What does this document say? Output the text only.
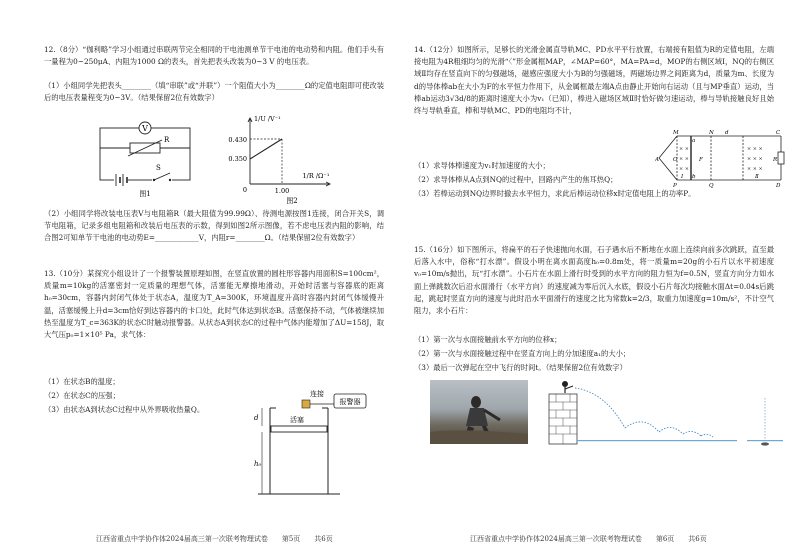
12.（8分）“伽利略”学习小组通过串联两节完全相同的干电池测单节干电池的电动势和内阻。他们手头有一量程为0~250μA、内阻为1000 Ω的表头，首先把表头改装为0~3 V 的电压表。
（1）小组同学先把表头________（填“串联”或“并联”）一个阻值大小为________Ω的定值电阻即可使改装后的电压表量程变为0~3V。（结果保留2位有效数字）
V
R
S
图1
1/U /V⁻¹
1/R /Ω⁻¹
0.430
0.350
1.00
0
图2
（2）小组同学将改装电压表V与电阻箱R（最大阻值为99.99Ω）、待测电源按图1连接，闭合开关S，调节电阻箱，记录多组电阻箱和改装后电压表的示数，得到如图2所示图像，若不虑电压表内阻的影响，结合图2可知单节干电池的电动势E=____________V，内阻r=________Ω。（结果保留2位有效数字）
13.（10分）某探究小组设计了一个报警装置原理如图，在竖直放置的圆柱形容器内用面积S=100cm²，质量m=10kg的活塞密封一定质量的理想气体，活塞能无摩擦地滑动，开始时活塞与容器底的距离h₀=30cm，容器内封闭气体处于状态A，温度为T_A=300K，环境温度升高时容器内封闭气体缓慢升温，活塞缓慢上升d=3cm恰好到达容器内的卡口处，此时气体达到状态B。活塞保持不动，气体被继续加热至温度为T_c=363K的状态C时触动报警器。从状态A到状态C的过程中气体内能增加了ΔU=158J，取大气压p₀=1×10⁵ Pa，求气体：
（1）在状态B的温度；
（2）在状态C的压强；
（3）由状态A到状态C过程中从外界吸收热量Q。
活塞
d
h₀
连接
报警器
江西省重点中学协作体2024届高三第一次联考物理试卷　　第5页　　共6页
14.（12分）如图所示，足够长的光滑金属直导轨MC、PD水平平行放置，右端接有阻值为R的定值电阻，左端接电阻为4R粗细均匀的光滑“〈”形金属框MAP，∠MAP=60°，MA=PA=d，MOP的右侧区域Ⅰ，NQ的右侧区域Ⅱ均存在竖直向下的匀强磁场，磁感应强度大小为B的匀强磁场，两磁场边界之间距离为d，质量为m、长度为d的导体棒ab在大小为F的水平恒力作用下，从金属框最左端A点由静止开始向右运动（且与MP垂直）运动，当棒ab运动3√3d/8的距离时速度大小为v₁（已知），棒进入磁场区域Ⅱ时恰好做匀速运动，棒与导轨接触良好且始终与导轨垂直，棒和导轨MC、PD的电阻均不计，
（1）求导体棒速度为v₁时加速度的大小；
（2）求导体棒从A点到NQ的过程中，回路内产生的焦耳热Q；
（3）若棒运动到NQ边界时撤去水平恒力，求此后棒运动位移x时定值电阻上的功率P。
× ×
× ×
× ×
× × ×
× × ×
× × ×
A
M
O
P
N
Q
C
D
R
a
b
d
F
Ⅰ	Ⅱ
15.（16分）如下图所示，将扁平的石子快速抛向水面，石子遇水后不断地在水面上连续向前多次跳跃，直至最后落入水中，俗称“打水漂”。假设小明在离水面高度h₀=0.8m处，将一质量m=20g的小石片以水平初速度v₀=10m/s抛出，玩“打水漂”。小石片在水面上滑行时受到的水平方向的阻力恒为f=0.5N，竖直方向分力如水面上弹跳数次后沿水面滑行（水平方向）的速度减为零后沉入水底，假设小石片每次均接触水面Δt=0.04s后跳起，跳起时竖直方向的速度与此时沿水平面滑行的速度之比为常数k=2/3，取重力加速度g=10m/s²，不计空气阻力，求小石片：
（1）第一次与水面接触前水平方向的位移x；
（2）第一次与水面接触过程中在竖直方向上的分加速度a₁的大小；
（3）最后一次弹起在空中飞行的时间t。（结果保留2位有效数字）
江西省重点中学协作体2024届高三第一次联考物理试卷　　第6页　　共6页
